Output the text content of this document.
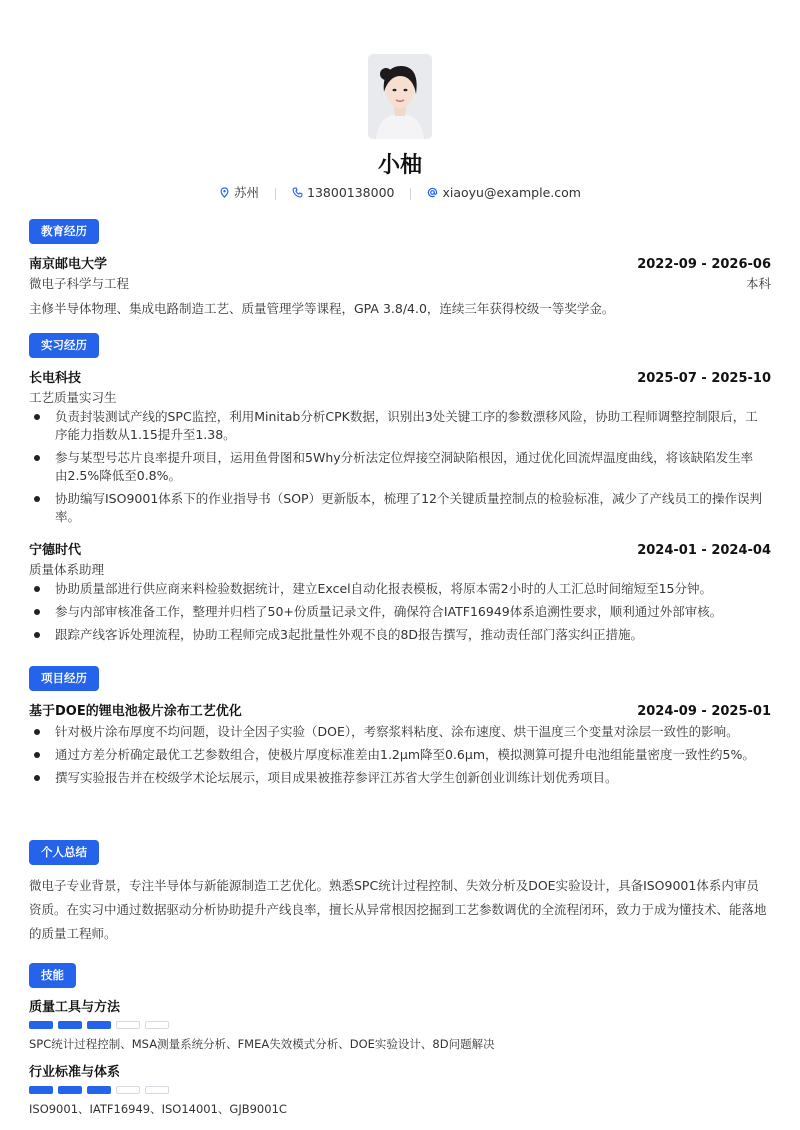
小柚
苏州
	13800138000
	xiaoyu@example.com
教育经历
南京邮电大学	2022-09 - 2026-06
微电子科学与工程	本科
主修半导体物理、集成电路制造工艺、质量管理学等课程，GPA 3.8/4.0，连续三年获得校级一等奖学金。
实习经历
长电科技	2025-07 - 2025-10
工艺质量实习生
负责封装测试产线的SPC监控，利用Minitab分析CPK数据，识别出3处关键工序的参数漂移风险，协助工程师调整控制限后，工序能力指数从1.15提升至1.38。
参与某型号芯片良率提升项目，运用鱼骨图和5Why分析法定位焊接空洞缺陷根因，通过优化回流焊温度曲线，将该缺陷发生率由2.5%降低至0.8%。
协助编写ISO9001体系下的作业指导书（SOP）更新版本，梳理了12个关键质量控制点的检验标准，减少了产线员工的操作误判率。
宁德时代	2024-01 - 2024-04
质量体系助理
协助质量部进行供应商来料检验数据统计，建立Excel自动化报表模板，将原本需2小时的人工汇总时间缩短至15分钟。
参与内部审核准备工作，整理并归档了50+份质量记录文件，确保符合IATF16949体系追溯性要求，顺利通过外部审核。
跟踪产线客诉处理流程，协助工程师完成3起批量性外观不良的8D报告撰写，推动责任部门落实纠正措施。
项目经历
基于DOE的锂电池极片涂布工艺优化	2024-09 - 2025-01
针对极片涂布厚度不均问题，设计全因子实验（DOE），考察浆料粘度、涂布速度、烘干温度三个变量对涂层一致性的影响。
通过方差分析确定最优工艺参数组合，使极片厚度标准差由1.2μm降至0.6μm，模拟测算可提升电池组能量密度一致性约5%。
撰写实验报告并在校级学术论坛展示，项目成果被推荐参评江苏省大学生创新创业训练计划优秀项目。
个人总结
微电子专业背景，专注半导体与新能源制造工艺优化。熟悉SPC统计过程控制、失效分析及DOE实验设计，具备ISO9001体系内审员资质。在实习中通过数据驱动分析协助提升产线良率，擅长从异常根因挖掘到工艺参数调优的全流程闭环，致力于成为懂技术、能落地的质量工程师。
技能
质量工具与方法
SPC统计过程控制、MSA测量系统分析、FMEA失效模式分析、DOE实验设计、8D问题解决
行业标准与体系
ISO9001、IATF16949、ISO14001、GJB9001C
